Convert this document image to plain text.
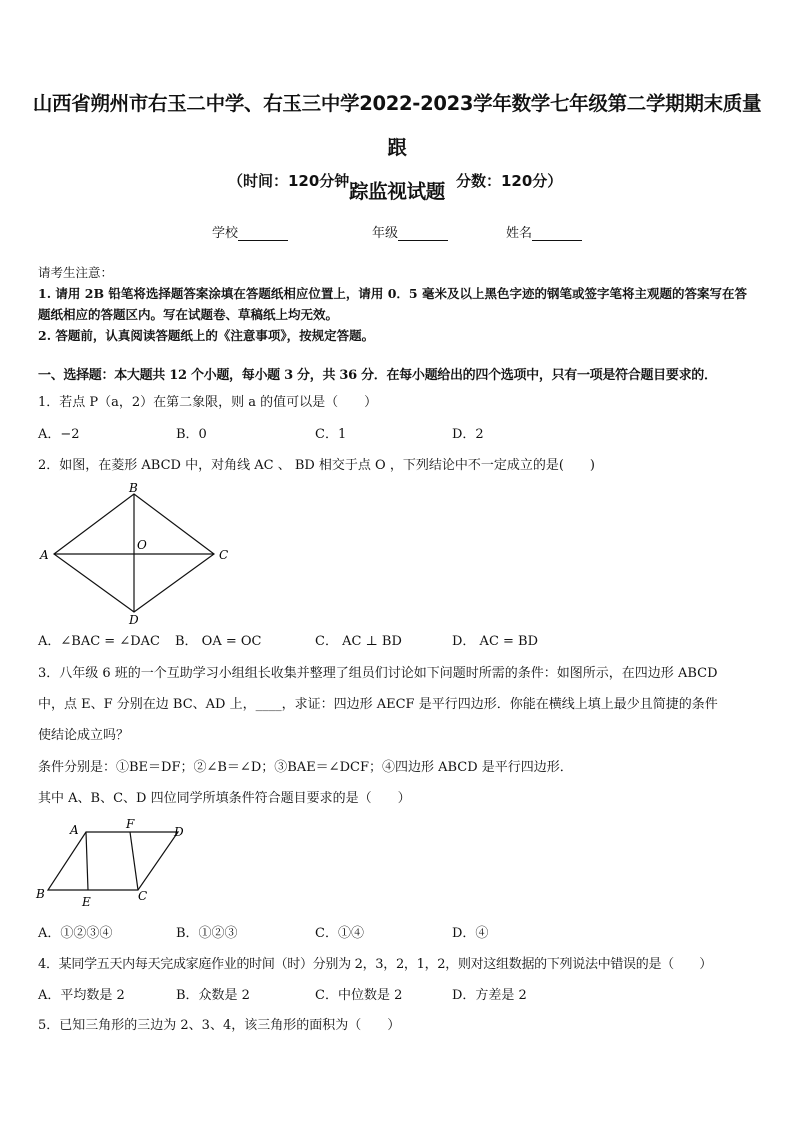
山西省朔州市右玉二中学、右玉三中学2022-2023学年数学七年级第二学期期末质量跟
踪监视试题
（时间：120分钟	分数：120分）
学校	年级	姓名
请考生注意：
1. 请用 2B 铅笔将选择题答案涂填在答题纸相应位置上，请用 0．5 毫米及以上黑色字迹的钢笔或签字笔将主观题的答案写在答题纸相应的答题区内。写在试题卷、草稿纸上均无效。
2. 答题前，认真阅读答题纸上的《注意事项》，按规定答题。
一、选择题：本大题共 12 个小题，每小题 3 分，共 36 分．在每小题给出的四个选项中，只有一项是符合题目要求的．
1．若点 P（a，2）在第二象限，则 a 的值可以是（　　）
A．−2	B．0	C．1	D．2
2．如图，在菱形 ABCD 中，对角线 AC 、 BD 相交于点 O ，下列结论中不一定成立的是(　　)
A
B
C
D
O
A．∠BAC = ∠DAC B． OA = OC	C． AC ⊥ BD	D． AC = BD
3．八年级 6 班的一个互助学习小组组长收集并整理了组员们讨论如下问题时所需的条件：如图所示，在四边形 ABCD
中，点 E、F 分别在边 BC、AD 上，____，求证：四边形 AECF 是平行四边形．你能在横线上填上最少且简捷的条件
使结论成立吗？
条件分别是：①BE＝DF；②∠B＝∠D；③BAE＝∠DCF；④四边形 ABCD 是平行四边形．
其中 A、B、C、D 四位同学所填条件符合题目要求的是（　　）
A	F
D
B
E	C
A．①②③④	B．①②③	C．①④	D．④
4．某同学五天内每天完成家庭作业的时间（时）分别为 2，3，2，1，2，则对这组数据的下列说法中错误的是（　　）
A．平均数是 2	B．众数是 2	C．中位数是 2	D．方差是 2
5．已知三角形的三边为 2、3、4，该三角形的面积为（　　）
